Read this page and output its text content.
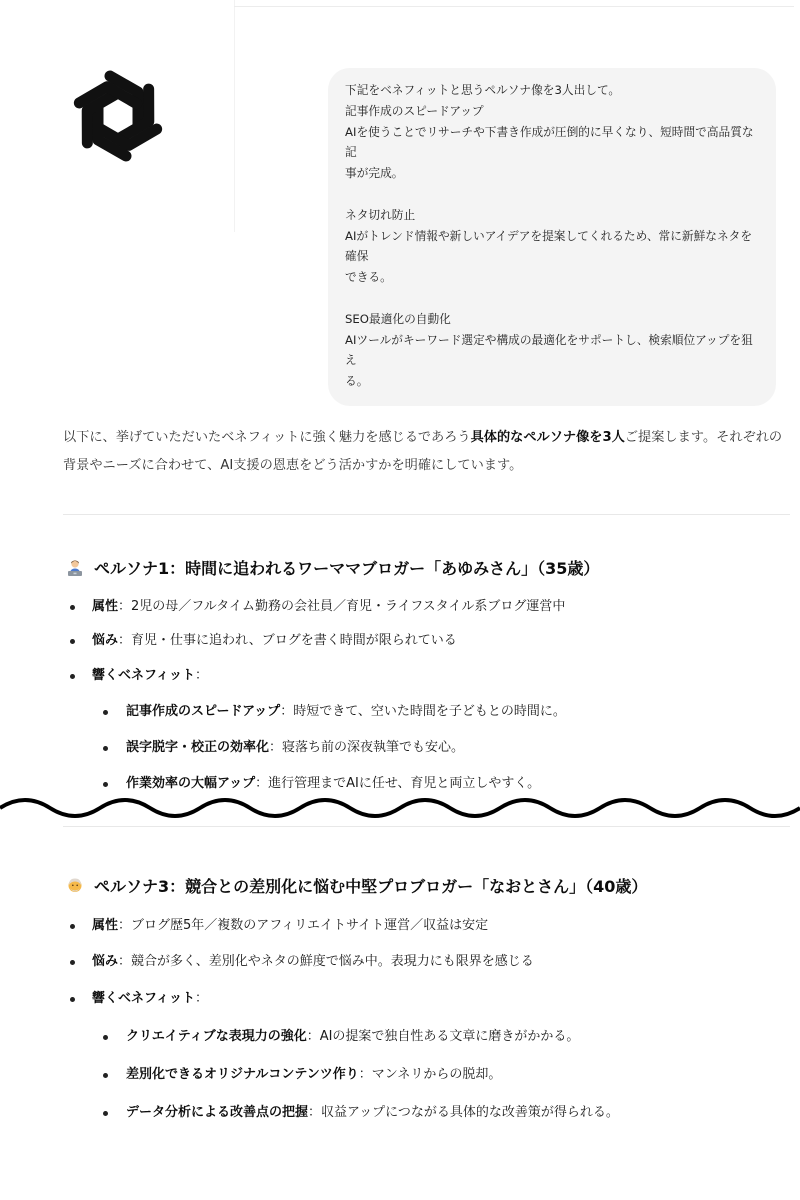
下記をベネフィットと思うペルソナ像を3人出して。
記事作成のスピードアップ
AIを使うことでリサーチや下書き作成が圧倒的に早くなり、短時間で高品質な記
事が完成。
ネタ切れ防止
AIがトレンド情報や新しいアイデアを提案してくれるため、常に新鮮なネタを確保
できる。
SEO最適化の自動化
AIツールがキーワード選定や構成の最適化をサポートし、検索順位アップを狙え
る。
以下に、挙げていただいたベネフィットに強く魅力を感じるであろう具体的なペルソナ像を3人ご提案します。それぞれの背景やニーズに合わせて、AI支援の恩恵をどう活かすかを明確にしています。
ペルソナ1：時間に追われるワーママブロガー「あゆみさん」（35歳）
属性：2児の母／フルタイム勤務の会社員／育児・ライフスタイル系ブログ運営中
悩み：育児・仕事に追われ、ブログを書く時間が限られている
響くベネフィット：
記事作成のスピードアップ：時短できて、空いた時間を子どもとの時間に。
誤字脱字・校正の効率化：寝落ち前の深夜執筆でも安心。
作業効率の大幅アップ：進行管理までAIに任せ、育児と両立しやすく。
ペルソナ3：競合との差別化に悩む中堅プロブロガー「なおとさん」（40歳）
属性：ブログ歴5年／複数のアフィリエイトサイト運営／収益は安定
悩み：競合が多く、差別化やネタの鮮度で悩み中。表現力にも限界を感じる
響くベネフィット：
クリエイティブな表現力の強化：AIの提案で独自性ある文章に磨きがかかる。
差別化できるオリジナルコンテンツ作り：マンネリからの脱却。
データ分析による改善点の把握：収益アップにつながる具体的な改善策が得られる。
